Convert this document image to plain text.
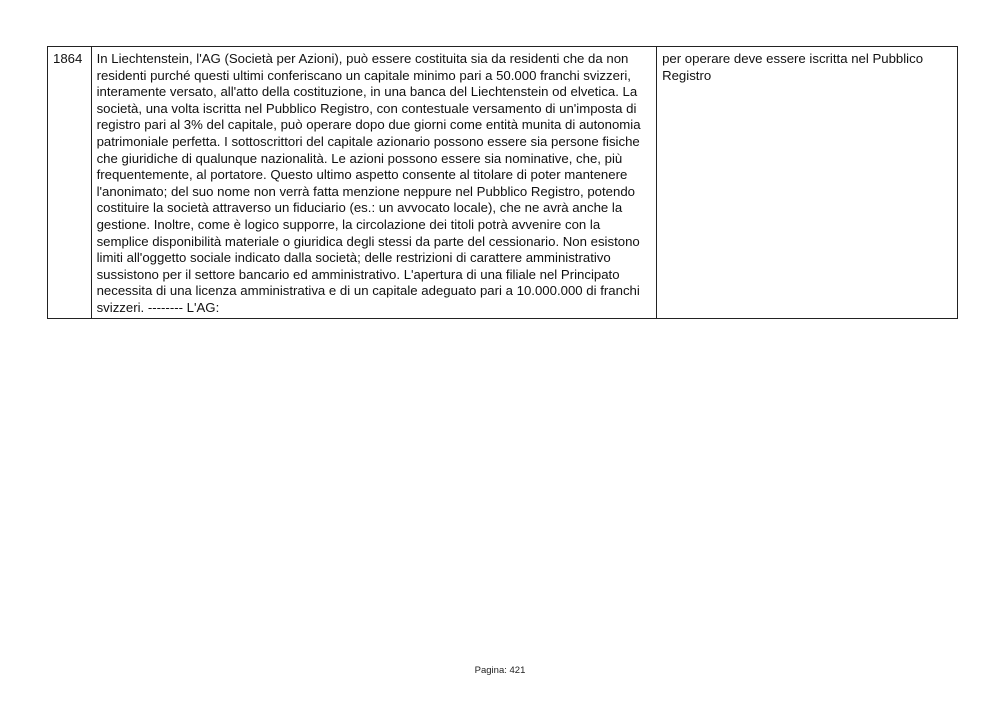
1864	In Liechtenstein, l'AG (Società per Azioni), può essere costituita sia da residenti che da non residenti purché questi ultimi conferiscano un capitale minimo pari a 50.000 franchi svizzeri, interamente versato, all'atto della costituzione, in una banca del Liechtenstein od elvetica. La società, una volta iscritta nel Pubblico Registro, con contestuale versamento di un'imposta di registro pari al 3% del capitale, può operare dopo due giorni come entità munita di autonomia patrimoniale perfetta. I sottoscrittori del capitale azionario possono essere sia persone fisiche che giuridiche di qualunque nazionalità. Le azioni possono essere sia nominative, che, più frequentemente, al portatore. Questo ultimo aspetto consente al titolare di poter mantenere l'anonimato; del suo nome non verrà fatta menzione neppure nel Pubblico Registro, potendo costituire la società attraverso un fiduciario (es.: un avvocato locale), che ne avrà anche la gestione. Inoltre, come è logico supporre, la circolazione dei titoli potrà avvenire con la semplice disponibilità materiale o giuridica degli stessi da parte del cessionario. Non esistono limiti all'oggetto sociale indicato dalla società; delle restrizioni di carattere amministrativo sussistono per il settore bancario ed amministrativo. L'apertura di una filiale nel Principato necessita di una licenza amministrativa e di un capitale adeguato pari a 10.000.000 di franchi svizzeri. -------- L'AG:	per operare deve essere iscritta nel Pubblico Registro
Pagina: 421
